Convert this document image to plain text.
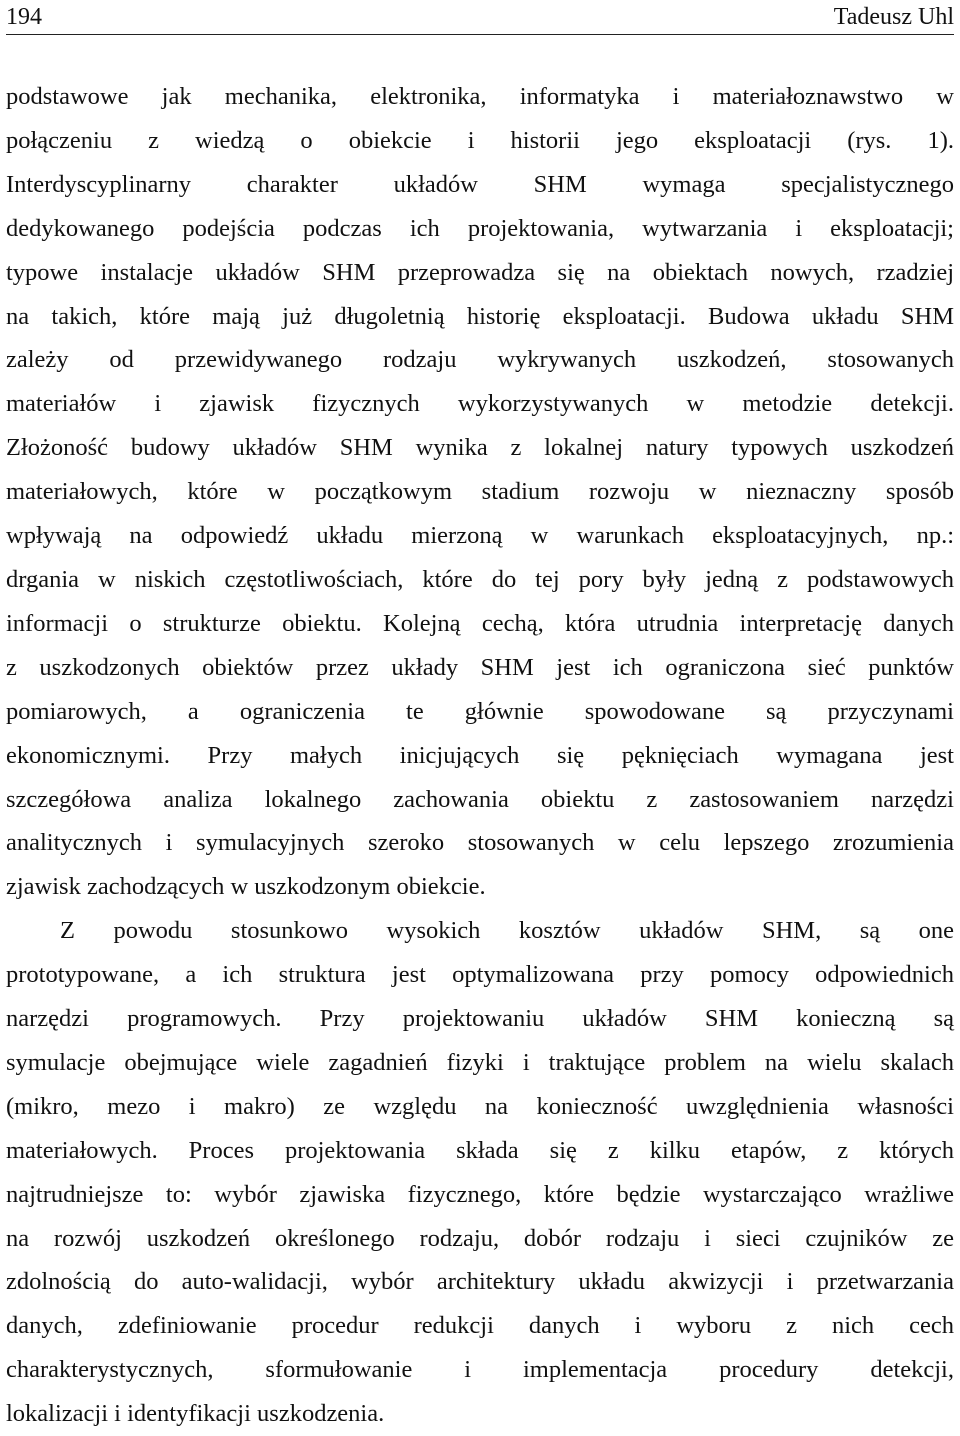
194	Tadeusz Uhl

podstawowe jak mechanika, elektronika, informatyka i materiałoznawstwo w

połączeniu z wiedzą o obiekcie i historii jego eksploatacji (rys. 1).

Interdyscyplinarny charakter układów SHM wymaga specjalistycznego

dedykowanego podejścia podczas ich projektowania, wytwarzania i eksploatacji;

typowe instalacje układów SHM przeprowadza się na obiektach nowych, rzadziej

na takich, które mają już długoletnią historię eksploatacji. Budowa układu SHM

zależy od przewidywanego rodzaju wykrywanych uszkodzeń, stosowanych

materiałów i zjawisk fizycznych wykorzystywanych w metodzie detekcji.

Złożoność budowy układów SHM wynika z lokalnej natury typowych uszkodzeń

materiałowych, które w początkowym stadium rozwoju w nieznaczny sposób

wpływają na odpowiedź układu mierzoną w warunkach eksploatacyjnych, np.:

drgania w niskich częstotliwościach, które do tej pory były jedną z podstawowych

informacji o strukturze obiektu. Kolejną cechą, która utrudnia interpretację danych

z uszkodzonych obiektów przez układy SHM jest ich ograniczona sieć punktów

pomiarowych, a ograniczenia te głównie spowodowane są przyczynami

ekonomicznymi. Przy małych inicjujących się pęknięciach wymagana jest

szczegółowa analiza lokalnego zachowania obiektu z zastosowaniem narzędzi

analitycznych i symulacyjnych szeroko stosowanych w celu lepszego zrozumienia

zjawisk zachodzących w uszkodzonym obiekcie.

Z powodu stosunkowo wysokich kosztów układów SHM, są one

prototypowane, a ich struktura jest optymalizowana przy pomocy odpowiednich

narzędzi programowych. Przy projektowaniu układów SHM konieczną są

symulacje obejmujące wiele zagadnień fizyki i traktujące problem na wielu skalach

(mikro, mezo i makro) ze względu na konieczność uwzględnienia własności

materiałowych. Proces projektowania składa się z kilku etapów, z których

najtrudniejsze to: wybór zjawiska fizycznego, które będzie wystarczająco wrażliwe

na rozwój uszkodzeń określonego rodzaju, dobór rodzaju i sieci czujników ze

zdolnością do auto-walidacji, wybór architektury układu akwizycji i przetwarzania

danych, zdefiniowanie procedur redukcji danych i wyboru z nich cech

charakterystycznych, sformułowanie i implementacja procedury detekcji,

lokalizacji i identyfikacji uszkodzenia.
